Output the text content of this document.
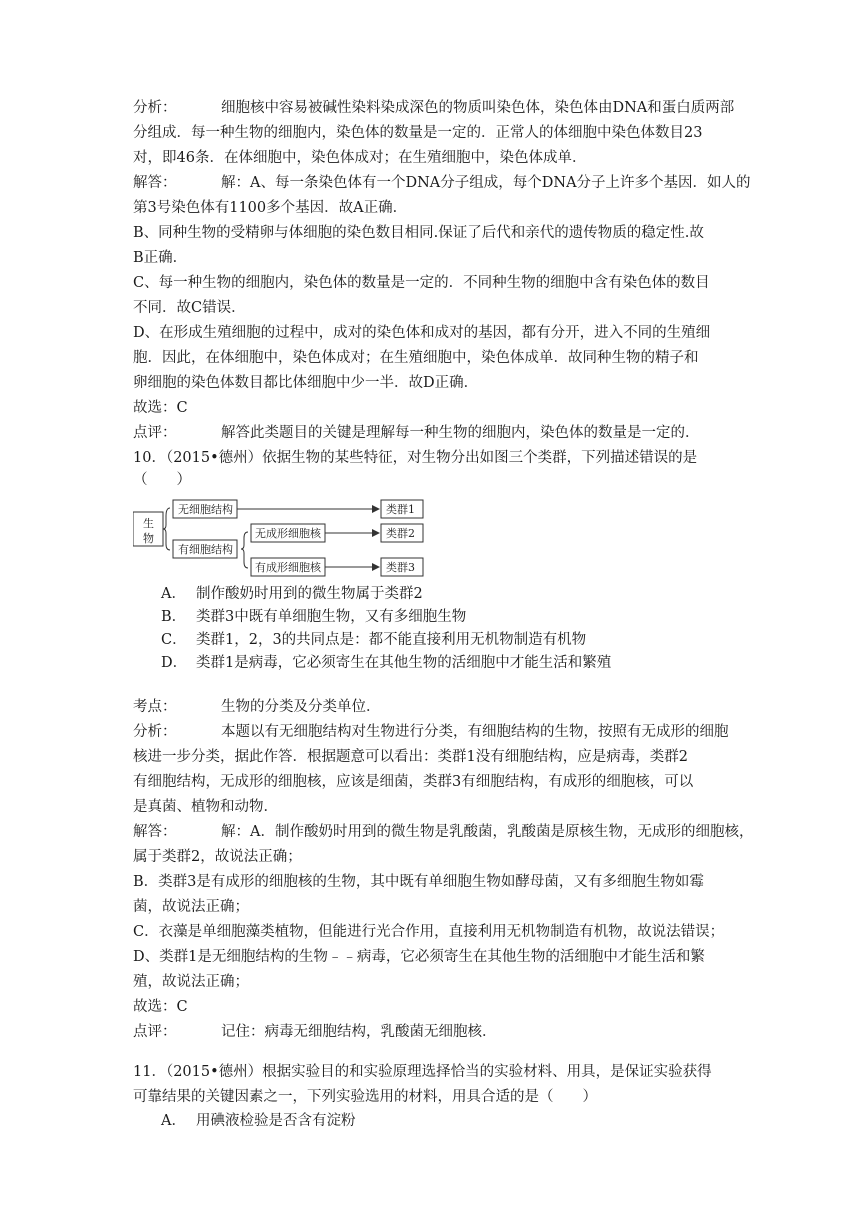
分析：	细胞核中容易被碱性染料染成深色的物质叫染色体，染色体由DNA和蛋白质两部
分组成．每一种生物的细胞内，染色体的数量是一定的．正常人的体细胞中染色体数目23
对，即46条．在体细胞中，染色体成对；在生殖细胞中，染色体成单．
解答：	解：A、每一条染色体有一个DNA分子组成，每个DNA分子上许多个基因．如人的
第3号染色体有1100多个基因．故A正确．
B、同种生物的受精卵与体细胞的染色数目相同.保证了后代和亲代的遗传物质的稳定性.故
B正确．
C、每一种生物的细胞内，染色体的数量是一定的．不同种生物的细胞中含有染色体的数目
不同．故C错误．
D、在形成生殖细胞的过程中，成对的染色体和成对的基因，都有分开，进入不同的生殖细
胞．因此，在体细胞中，染色体成对；在生殖细胞中，染色体成单．故同种生物的精子和
卵细胞的染色体数目都比体细胞中少一半．故D正确．
故选：C
点评：	解答此类题目的关键是理解每一种生物的细胞内，染色体的数量是一定的．
10．（2015•德州）依据生物的某些特征，对生物分出如图三个类群，下列描述错误的是
（　　）
生
物
无细胞结构
有细胞结构
无成形细胞核
有成形细胞核
类群1
类群2
类群3
A． 制作酸奶时用到的微生物属于类群2
B． 类群3中既有单细胞生物，又有多细胞生物
C． 类群1，2，3的共同点是：都不能直接利用无机物制造有机物
D． 类群1是病毒，它必须寄生在其他生物的活细胞中才能生活和繁殖
考点：	生物的分类及分类单位．
分析：	本题以有无细胞结构对生物进行分类，有细胞结构的生物，按照有无成形的细胞
核进一步分类，据此作答．根据题意可以看出：类群1没有细胞结构，应是病毒，类群2
有细胞结构，无成形的细胞核，应该是细菌，类群3有细胞结构，有成形的细胞核，可以
是真菌、植物和动物．
解答：	解：A．制作酸奶时用到的微生物是乳酸菌，乳酸菌是原核生物，无成形的细胞核，
属于类群2，故说法正确；
B．类群3是有成形的细胞核的生物，其中既有单细胞生物如酵母菌，又有多细胞生物如霉
菌，故说法正确；
C．衣藻是单细胞藻类植物，但能进行光合作用，直接利用无机物制造有机物，故说法错误；
D、类群1是无细胞结构的生物﹣﹣病毒，它必须寄生在其他生物的活细胞中才能生活和繁
殖，故说法正确；
故选：C
点评：	记住：病毒无细胞结构，乳酸菌无细胞核．
11．（2015•德州）根据实验目的和实验原理选择恰当的实验材料、用具，是保证实验获得
可靠结果的关键因素之一，下列实验选用的材料，用具合适的是（　　）
A． 用碘液检验是否含有淀粉
